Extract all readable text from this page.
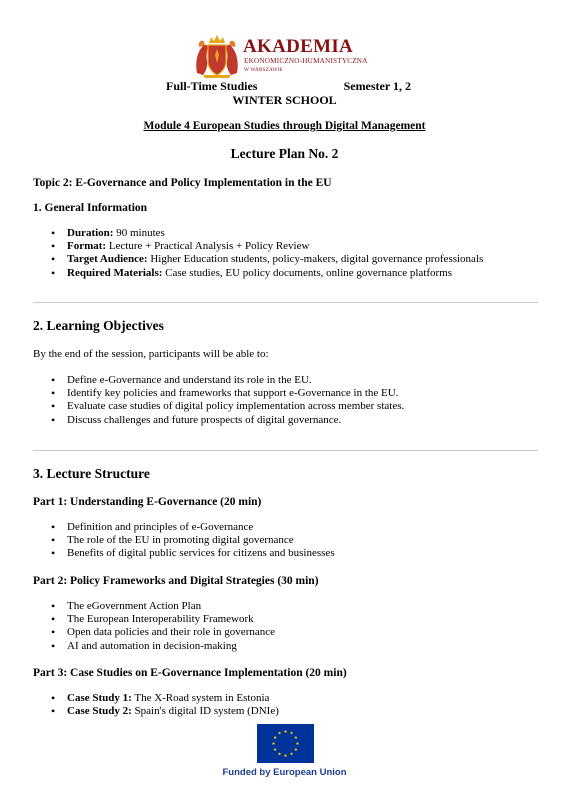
AKADEMIA
EKONOMICZNO-HUMANISTYCZNA
W WARSZAWIE
Full-Time Studies	Semester 1, 2
WINTER SCHOOL
Module 4 European Studies through Digital Management
Lecture Plan No. 2
Topic 2: E-Governance and Policy Implementation in the EU
1. General Information
• Duration: 90 minutes
• Format: Lecture + Practical Analysis + Policy Review
• Target Audience: Higher Education students, policy-makers, digital governance professionals
• Required Materials: Case studies, EU policy documents, online governance platforms
2. Learning Objectives
By the end of the session, participants will be able to:
• Define e-Governance and understand its role in the EU.
• Identify key policies and frameworks that support e-Governance in the EU.
• Evaluate case studies of digital policy implementation across member states.
• Discuss challenges and future prospects of digital governance.
3. Lecture Structure
Part 1: Understanding E-Governance (20 min)
• Definition and principles of e-Governance
• The role of the EU in promoting digital governance
• Benefits of digital public services for citizens and businesses
Part 2: Policy Frameworks and Digital Strategies (30 min)
• The eGovernment Action Plan
• The European Interoperability Framework
• Open data policies and their role in governance
• AI and automation in decision-making
Part 3: Case Studies on E-Governance Implementation (20 min)
• Case Study 1: The X-Road system in Estonia
• Case Study 2: Spain's digital ID system (DNIe)
Funded by European Union
